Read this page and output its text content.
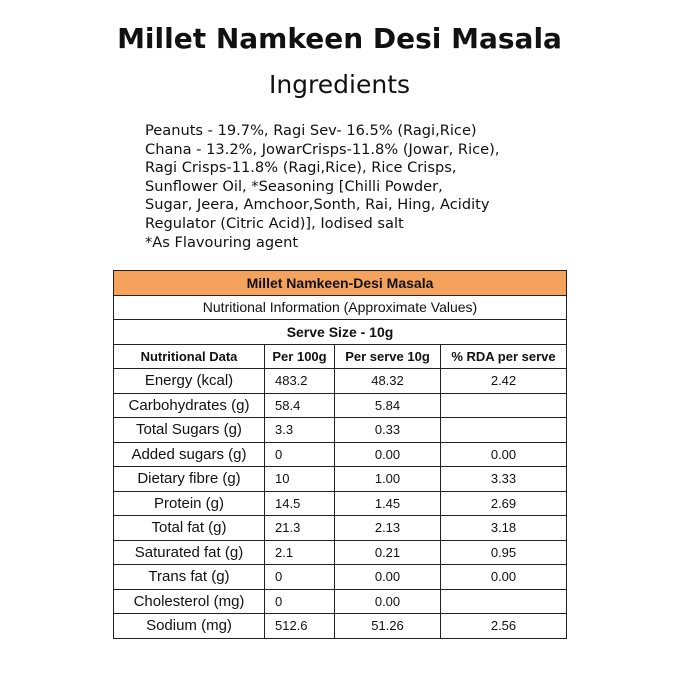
Millet Namkeen Desi Masala
Ingredients
Peanuts - 19.7%, Ragi Sev- 16.5% (Ragi,Rice)
Chana - 13.2%, JowarCrisps-11.8% (Jowar, Rice),
Ragi Crisps-11.8% (Ragi,Rice), Rice Crisps,
Sunflower Oil, *Seasoning [Chilli Powder,
Sugar, Jeera, Amchoor,Sonth, Rai, Hing, Acidity
Regulator (Citric Acid)], Iodised salt
*As Flavouring agent
Millet Namkeen-Desi Masala			
Nutritional Information (Approximate Values)			
Serve Size - 10g			
Nutritional Data	Per 100g	Per serve 10g	% RDA per serve
Energy (kcal)	483.2	48.32	2.42
Carbohydrates (g)	58.4	5.84	
Total Sugars (g)	3.3	0.33	
Added sugars (g)	0	0.00	0.00
Dietary fibre (g)	10	1.00	3.33
Protein (g)	14.5	1.45	2.69
Total fat (g)	21.3	2.13	3.18
Saturated fat (g)	2.1	0.21	0.95
Trans fat (g)	0	0.00	0.00
Cholesterol (mg)	0	0.00	
Sodium (mg)	512.6	51.26	2.56
